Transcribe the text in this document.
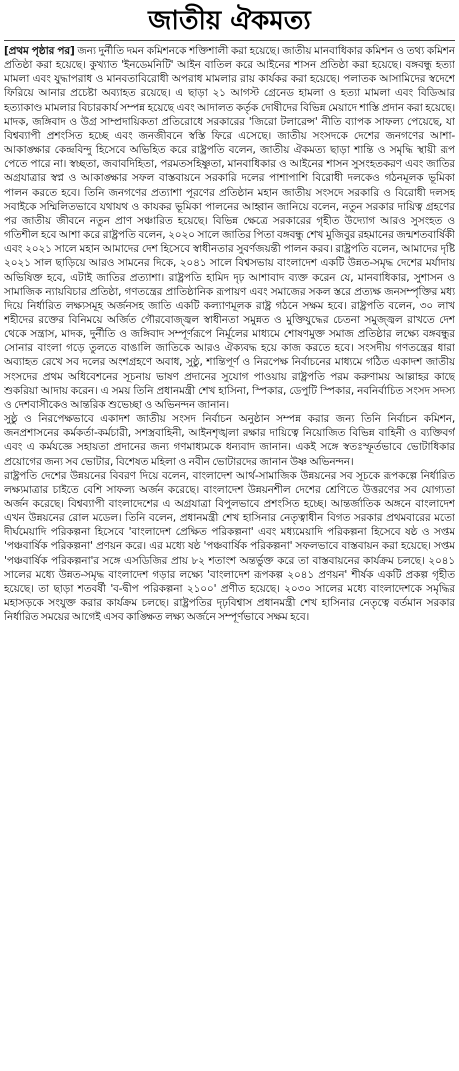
জাতীয় ঐকমত্য

[প্রথম পৃষ্ঠার পর] জন্য দুর্নীতি দমন কমিশনকে শক্তিশালী করা হয়েছে। জাতীয় মানবাধিকার কমিশন ও তথ্য কমিশন প্রতিষ্ঠা করা হয়েছে। কুখ্যাত 'ইনডেমনিটি' আইন বাতিল করে আইনের শাসন প্রতিষ্ঠা করা হয়েছে। বঙ্গবন্ধু হত্যা মামলা এবং যুদ্ধাপরাধ ও মানবতাবিরোধী অপরাধ মামলার রায় কার্যকর করা হয়েছে। পলাতক আসামিদের স্বদেশে ফিরিয়ে আনার প্রচেষ্টা অব্যাহত রয়েছে। এ ছাড়া ২১ আগস্ট গ্রেনেড হামলা ও হত্যা মামলা এবং বিডিআর হত্যাকাণ্ড মামলার বিচারকার্য সম্পন্ন হয়েছে এবং আদালত কর্তৃক দোষীদের বিভিন্ন মেয়াদে শাস্তি প্রদান করা হয়েছে। মাদক, জঙ্গিবাদ ও উগ্র সাম্প্রদায়িকতা প্রতিরোধে সরকারের 'জিরো টলারেন্স' নীতি ব্যাপক সাফল্য পেয়েছে, যা বিশ্বব্যাপী প্রশংসিত হচ্ছে এবং জনজীবনে স্বস্তি ফিরে এসেছে। জাতীয় সংসদকে দেশের জনগণের আশা-আকাঙ্ক্ষার কেন্দ্রবিন্দু হিসেবে অভিহিত করে রাষ্ট্রপতি বলেন, জাতীয় ঐকমত্য ছাড়া শান্তি ও সমৃদ্ধি স্থায়ী রূপ পেতে পারে না। স্বচ্ছতা, জবাবদিহিতা, পরমতসহিষ্ণুতা, মানবাধিকার ও আইনের শাসন সুসংহতকরণ এবং জাতির অগ্রযাত্রার স্বপ্ন ও আকাঙ্ক্ষার সফল বাস্তবায়নে সরকারি দলের পাশাপাশি বিরোধী দলকেও গঠনমূলক ভূমিকা পালন করতে হবে। তিনি জনগণের প্রত্যাশা পূরণের প্রতিষ্ঠান মহান জাতীয় সংসদে সরকারি ও বিরোধী দলসহ সবাইকে সম্মিলিতভাবে যথাযথ ও কাযকর ভূমিকা পালনের আহ্বান জানিয়ে বলেন, নতুন সরকার দায়িত্ব গ্রহণের পর জাতীয় জীবনে নতুন প্রাণ সঞ্চারিত হয়েছে। বিভিন্ন ক্ষেত্রে সরকারের গৃহীত উদ্যোগ আরও সুসংহত ও গতিশীল হবে আশা করে রাষ্ট্রপতি বলেন, ২০২০ সালে জাতির পিতা বঙ্গবন্ধু শেখ মুজিবুর রহমানের জন্মশতবার্ষিকী এবং ২০২১ সালে মহান আমাদের দেশ হিসেবে স্বাধীনতার সুবর্ণজয়ন্তী পালন করব। রাষ্ট্রপতি বলেন, আমাদের দৃষ্টি ২০২১ সাল ছাড়িয়ে আরও সামনের দিকে, ২০৪১ সালে বিশ্বসভায় বাংলাদেশ একটি উন্নত-সমৃদ্ধ দেশের মর্যাদায় অভিষিক্ত হবে, এটাই জাতির প্রত্যাশা। রাষ্ট্রপতি হামিদ দৃঢ় আশাবাদ ব্যক্ত করেন যে, মানবাধিকার, সুশাসন ও সামাজিক ন্যায়বিচার প্রতিষ্ঠা, গণতন্ত্রের প্রাতিষ্ঠানিক রূপায়ণ এবং সমাজের সকল স্তরে প্রত্যক্ষ জনসম্পৃক্তির মধ্য দিয়ে নির্ধারিত লক্ষ্যসমূহ অর্জনসহ জাতি একটি কল্যাণমূলক রাষ্ট্র গঠনে সক্ষম হবে। রাষ্ট্রপতি বলেন, ৩০ লাখ শহীদের রক্তের বিনিময়ে অর্জিত গৌরবোজ্জ্বল স্বাধীনতা সমুন্নত ও মুক্তিযুদ্ধের চেতনা সমুজ্জ্বল রাখতে দেশ থেকে সন্ত্রাস, মাদক, দুর্নীতি ও জঙ্গিবাদ সম্পূর্ণরূপে নির্মূলের মাধ্যমে শোষণমুক্ত সমাজ প্রতিষ্ঠার লক্ষ্যে বঙ্গবন্ধুর সোনার বাংলা গড়ে তুলতে বাঙালি জাতিকে আরও ঐক্যবদ্ধ হয়ে কাজ করতে হবে। সংসদীয় গণতন্ত্রের ধারা অব্যাহত রেখে সব দলের অংশগ্রহণে অবাধ, সুষ্ঠু, শান্তিপূর্ণ ও নিরপেক্ষ নির্বাচনের মাধ্যমে গঠিত একাদশ জাতীয় সংসদের প্রথম অধিবেশনের সূচনায় ভাষণ প্রদানের সুযোগ পাওয়ায় রাষ্ট্রপতি পরম করুণাময় আল্লাহর কাছে শুকরিয়া আদায় করেন। এ সময় তিনি প্রধানমন্ত্রী শেখ হাসিনা, স্পিকার, ডেপুটি স্পিকার, নবনির্বাচিত সংসদ সদস্য ও দেশবাসীকেও আন্তরিক শুভেচ্ছা ও অভিনন্দন জানান।

সুষ্ঠু ও নিরপেক্ষভাবে একাদশ জাতীয় সংসদ নির্বাচন অনুষ্ঠান সম্পন্ন করার জন্য তিনি নির্বাচন কমিশন, জনপ্রশাসনের কর্মকর্তা-কর্মচারী, সশস্ত্রবাহিনী, আইনশৃঙ্খলা রক্ষার দায়িত্বে নিয়োজিত বিভিন্ন বাহিনী ও ব্যক্তিবর্গ এবং এ কর্মযজ্ঞে সহায়তা প্রদানের জন্য গণমাধ্যমকে ধন্যবাদ জানান। একই সঙ্গে স্বতঃস্ফূর্তভাবে ভোটাধিকার প্রয়োগের জন্য সব ভোটার, বিশেষত মহিলা ও নবীন ভোটারদের জানান উষ্ণ অভিনন্দন।

রাষ্ট্রপতি দেশের উন্নয়নের বিবরণ দিয়ে বলেন, বাংলাদেশ আর্থ-সামাজিক উন্নয়নের সব সূচকে রূপকল্পে নির্ধারিত লক্ষ্যমাত্রার চাইতে বেশি সাফল্য অর্জন করেছে। বাংলাদেশ উন্নয়নশীল দেশের শ্রেণিতে উত্তরণের সব যোগ্যতা অর্জন করেছে। বিশ্বব্যাপী বাংলাদেশের এ অগ্রযাত্রা বিপুলভাবে প্রশংসিত হচ্ছে। আন্তর্জাতিক অঙ্গনে বাংলাদেশ এখন উন্নয়নের রোল মডেল। তিনি বলেন, প্রধানমন্ত্রী শেখ হাসিনার নেতৃত্বাধীন বিগত সরকার প্রথমবারের মতো দীর্ঘমেয়াদি পরিকল্পনা হিসেবে 'বাংলাদেশ প্রেক্ষিত পরিকল্পনা' এবং মধ্যমেয়াদি পরিকল্পনা হিসেবে ষষ্ঠ ও সপ্তম 'পঞ্চবার্ষিক পরিকল্পনা' প্রণয়ন করে। এর মধ্যে ষষ্ঠ 'পঞ্চবার্ষিক পরিকল্পনা' সফলভাবে বাস্তবায়ন করা হয়েছে। সপ্তম 'পঞ্চবার্ষিক পরিকল্পনা'র সঙ্গে এসডিজির প্রায় ৮২ শতাংশ অন্তর্ভুক্ত করে তা বাস্তবায়নের কার্যক্রম চলছে। ২০৪১ সালের মধ্যে উন্নত-সমৃদ্ধ বাংলাদেশ গড়ার লক্ষ্যে 'বাংলাদেশ রূপকল্প ২০৪১ প্রণয়ন' শীর্ষক একটি প্রকল্প গৃহীত হয়েছে। তা ছাড়া শতবর্ষী 'ব-দ্বীপ পরিকল্পনা ২১০০' প্রণীত হয়েছে। ২০৩০ সালের মধ্যে বাংলাদেশকে সমৃদ্ধির মহাসড়কে সংযুক্ত করার কার্যক্রম চলছে। রাষ্ট্রপতির দৃঢ়বিশ্বাস প্রধানমন্ত্রী শেখ হাসিনার নেতৃত্বে বর্তমান সরকার নির্ধারিত সময়ের আগেই এসব কাঙ্ক্ষিত লক্ষ্য অর্জনে সম্পূর্ণভাবে সক্ষম হবে।
